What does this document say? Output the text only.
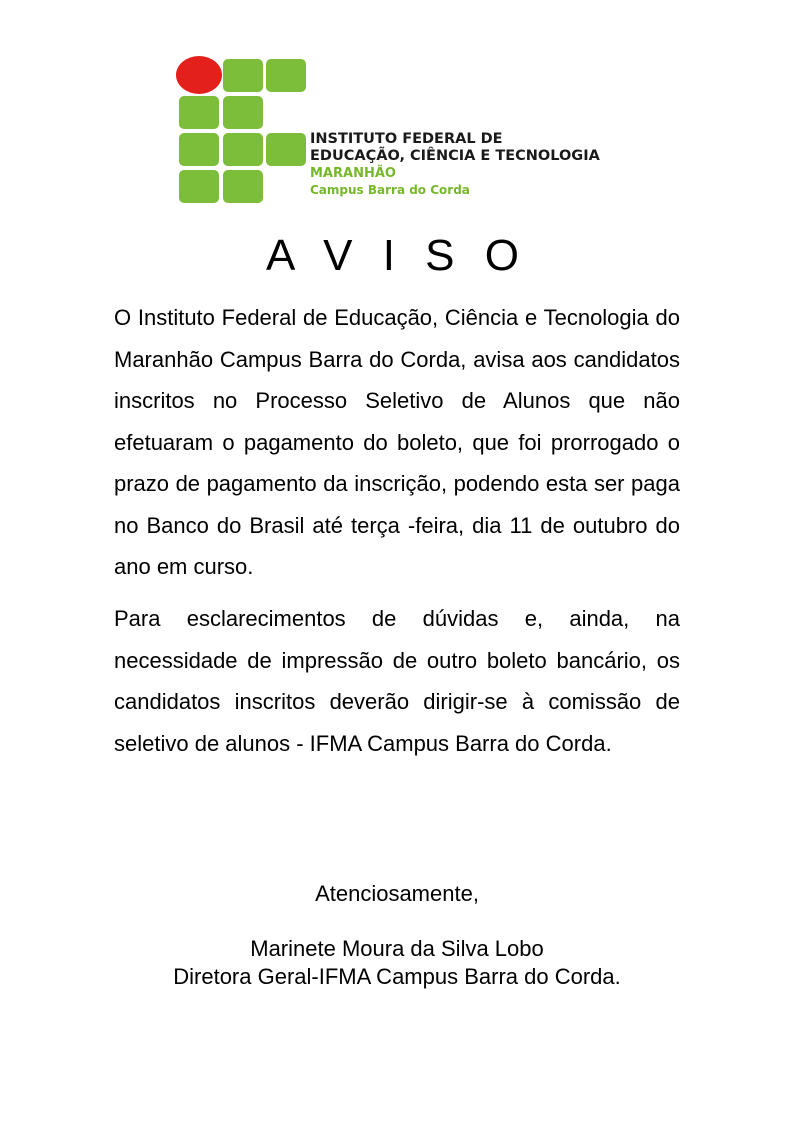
INSTITUTO FEDERAL DE
EDUCAÇÃO, CIÊNCIA E TECNOLOGIA
MARANHÃO
Campus Barra do Corda
A V I S O

O Instituto Federal de Educação, Ciência e Tecnologia do Maranhão Campus Barra do Corda, avisa aos candidatos inscritos no Processo Seletivo de Alunos que não efetuaram o pagamento do boleto, que foi prorrogado o prazo de pagamento da inscrição, podendo esta ser paga no Banco do Brasil até terça -feira, dia 11 de outubro do ano em curso.

Para esclarecimentos de dúvidas e, ainda, na necessidade de impressão de outro boleto bancário, os candidatos inscritos deverão dirigir-se à comissão de seletivo de alunos - IFMA Campus Barra do Corda.

Atenciosamente,
Marinete Moura da Silva Lobo
Diretora Geral-IFMA Campus Barra do Corda.
